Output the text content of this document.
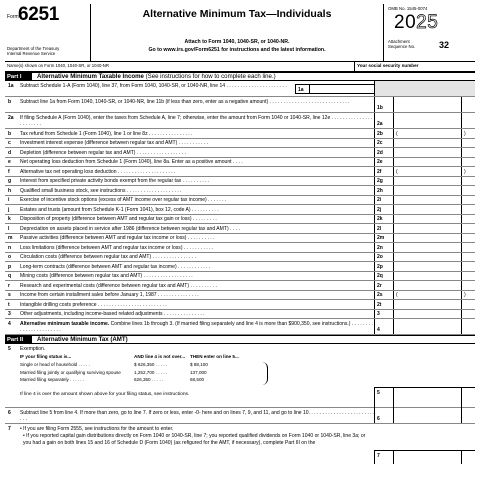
Form 6251
Department of the Treasury
Internal Revenue Service
Alternative Minimum Tax—Individuals
Attach to Form 1040, 1040-SR, or 1040-NR.
Go to www.irs.gov/Form6251 for instructions and the latest information.
OMB No. 1545-0074
2025
Attachment
Sequence No.	32
Name(s) shown on Form 1040, 1040-SR, or 1040-NR	Your social security number
Part I	Alternative Minimum Taxable Income (See instructions for how to complete each line.)
1a	Subtract Schedule 1-A (Form 1040), line 37, from Form 1040, 1040-SR, or 1040-NR, line 14 . . . . . . . . . . . . . . . . . . . . . .
1a
b	Subtract line 1a from Form 1040, 1040-SR, or 1040-NR, line 11b (if less than zero, enter as a negative amount) . . . . . . . . . . . . . . . . . . . . . . . . . . . . .
1b
2a	If filing Schedule A (Form 1040), enter the taxes from Schedule A, line 7; otherwise, enter the amount from Form 1040 or 1040-SR, line 12e . . . . . . . . . . . . . . . . . . . . . . .	2a
b	Tax refund from Schedule 1 (Form 1040), line 1 or line 8z . . . . . . . . . . . . . . . .	2b	(	)
c	Investment interest expense (difference between regular tax and AMT) . . . . . . . . . . .	2c
d	Depletion (difference between regular tax and AMT) . . . . . . . . . . . . . . . . . .	2d
e	Net operating loss deduction from Schedule 1 (Form 1040), line 8a. Enter as a positive amount . . . .	2e
f	Alternative tax net operating loss deduction . . . . . . . . . . . . . . . . . . . . .	2f	(	)
g	Interest from specified private activity bonds exempt from the regular tax . . . . . . . . . .	2g
h	Qualified small business stock, see instructions . . . . . . . . . . . . . . . . . . . .	2h
i	Exercise of incentive stock options (excess of AMT income over regular tax income) . . . . . . .	2i
j	Estates and trusts (amount from Schedule K-1 (Form 1041), box 12, code A) . . . . . . . . . .	2j
k	Disposition of property (difference between AMT and regular tax gain or loss) . . . . . . . . .	2k
l	Depreciation on assets placed in service after 1986 (difference between regular tax and AMT) . . . .	2l
m	Passive activities (difference between AMT and regular tax income or loss) . . . . . . . . . .	2m
n	Loss limitations (difference between AMT and regular tax income or loss) . . . . . . . . . . .	2n
o	Circulation costs (difference between regular tax and AMT) . . . . . . . . . . . . . . . .	2o
p	Long-term contracts (difference between AMT and regular tax income) . . . . . . . . . . . .	2p
q	Mining costs (difference between regular tax and AMT) . . . . . . . . . . . . . . . . . .	2q
r	Research and experimental costs (difference between regular tax and AMT) . . . . . . . . . .	2r
s	Income from certain installment sales before January 1, 1987 . . . . . . . . . . . . . . .	2s	(	)
t	Intangible drilling costs preference . . . . . . . . . . . . . . . . . . . . . . . . .	2t
3	Other adjustments, including income-based related adjustments . . . . . . . . . . . . . . .	3
4	Alternative minimum taxable income. Combine lines 1b through 3. (If married filing separately and line 4 is more than $900,350, see instructions.) . . . . . . . . . . . . . . . . . . . . . . .	4
Part II	Alternative Minimum Tax (AMT)
5	Exemption.
IF your filing status is...	AND line 4 is not over... THEN enter on line 5...
Single or head of household . . . . .	$ 626,350 . . . . .	$ 88,100
Married filing jointly or qualifying surviving spouse	1,252,700 . . . . .	137,000
Married filing separately . . . . . .	626,350 . . . . .	68,500
If line 4 is over the amount shown above for your filing status, see instructions.	5
6	Subtract line 5 from line 4. If more than zero, go to line 7. If zero or less, enter -0- here and on lines 7, 9, and 11, and go to line 10. . . . . . . . . . . . . . . . . . . . . . . . . . .	6
7	• If you are filing Form 2555, see instructions for the amount to enter.
• If you reported capital gain distributions directly on Form 1040 or 1040-SR, line 7; you reported qualified dividends on Form 1040 or 1040-SR, line 3a; or you had a gain on both lines 15 and 16 of Schedule D (Form 1040) (as refigured for the AMT, if necessary), complete Part III on the
7
